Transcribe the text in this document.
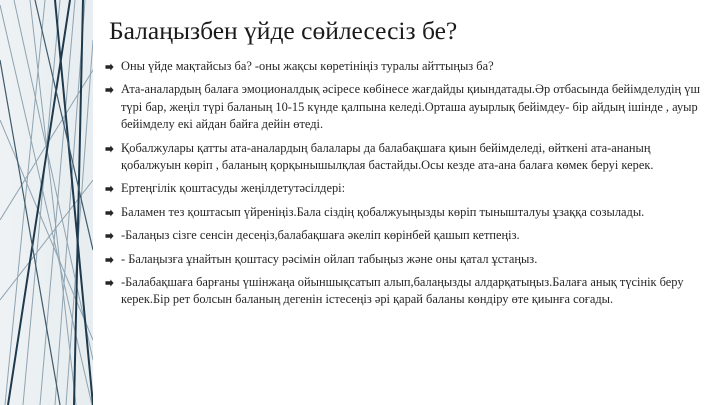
Балаңызбен үйде сөйлесесіз бе?
Оны үйде мақтайсыз ба? -оны жақсы көретініңіз туралы айттыңыз ба?
Ата-аналардың балаға эмоционалдық әсіресе көбінесе жағдайды қиындатады.Әр отбасында бейімделудің үш түрі бар, жеңіл түрі баланың 10-15 күнде қалпына келеді.Орташа ауырлық бейімдеу- бір айдың ішінде , ауыр бейімделу екі айдан байға дейін өтеді.
Қобалжулары қатты ата-аналардың балалары да балабақшаға қиын бейімделеді, өйткені ата-ананың қобалжуын көріп , баланың қорқынышылқлая бастайды.Осы кезде ата-ана балаға көмек беруі керек.
Ертеңгілік қоштасуды жеңілдетутәсілдері:
Баламен тез қоштасып үйреніңіз.Бала сіздің қобалжуыңызды көріп тынышталуы ұзаққа созылады.
-Балаңыз сізге сенсін десеңіз,балабақшаға әкеліп көрінбей қашып кетпеңіз.
- Балаңызға ұнайтын қоштасу рәсімін ойлап табыңыз және оны қатал ұстаңыз.
-Балабақшаға барғаны үшінжаңа ойыншықсатып алып,балаңызды алдарқатыңыз.Балаға анық түсінік беру керек.Бір рет болсын баланың дегенін істесеңіз әрі қарай баланы көндіру өте қиынға соғады.
